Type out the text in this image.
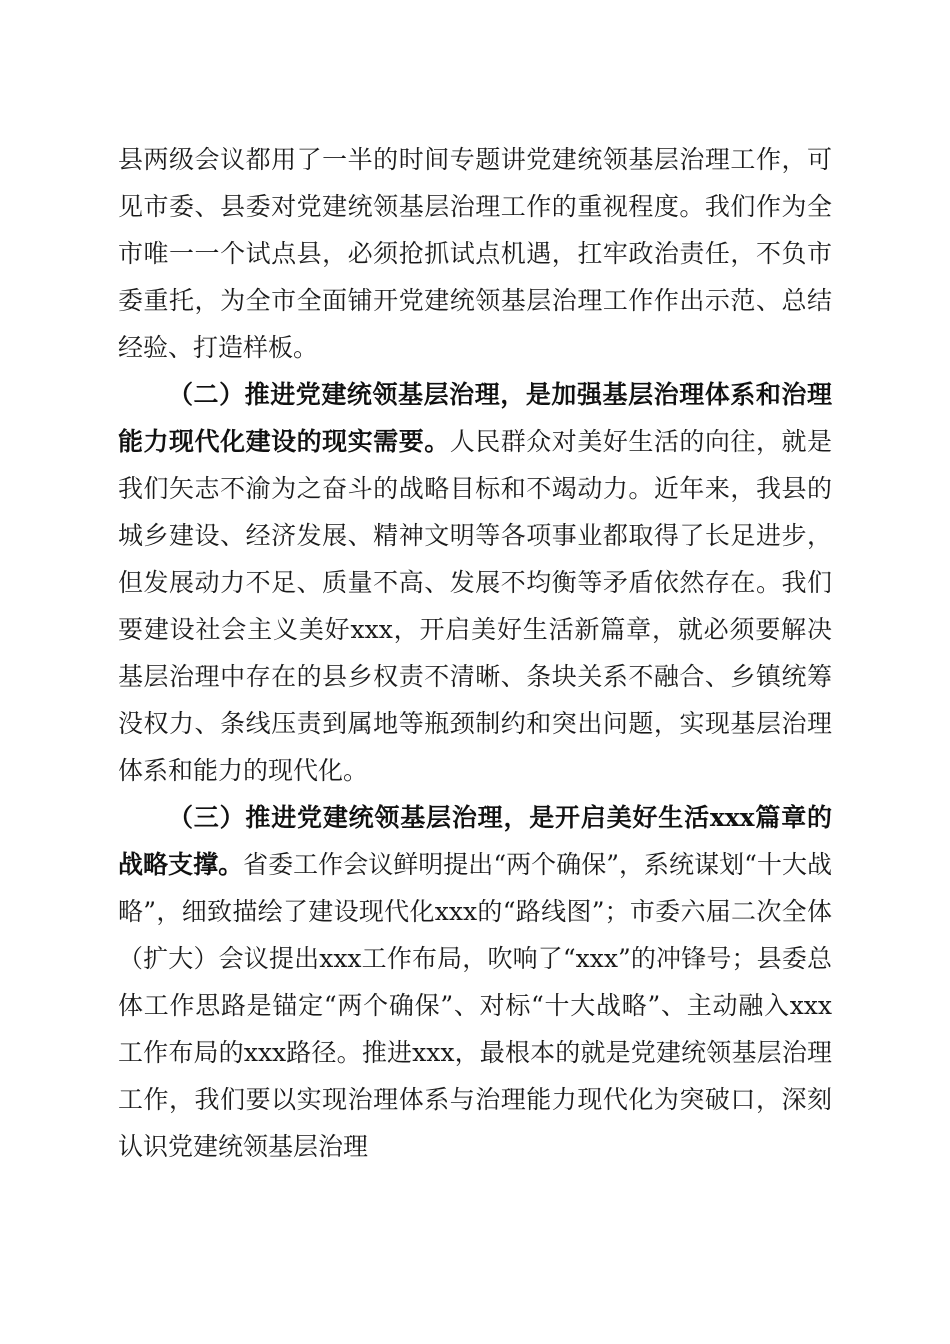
县两级会议都用了一半的时间专题讲党建统领基层治理工作，可见市委、县委对党建统领基层治理工作的重视程度。我们作为全市唯一一个试点县，必须抢抓试点机遇，扛牢政治责任，不负市委重托，为全市全面铺开党建统领基层治理工作作出示范、总结经验、打造样板。

（二）推进党建统领基层治理，是加强基层治理体系和治理能力现代化建设的现实需要。人民群众对美好生活的向往，就是我们矢志不渝为之奋斗的战略目标和不竭动力。近年来，我县的城乡建设、经济发展、精神文明等各项事业都取得了长足进步，但发展动力不足、质量不高、发展不均衡等矛盾依然存在。我们要建设社会主义美好xxx，开启美好生活新篇章，就必须要解决基层治理中存在的县乡权责不清晰、条块关系不融合、乡镇统筹没权力、条线压责到属地等瓶颈制约和突出问题，实现基层治理体系和能力的现代化。

（三）推进党建统领基层治理，是开启美好生活xxx篇章的战略支撑。省委工作会议鲜明提出“两个确保”，系统谋划“十大战略”，细致描绘了建设现代化xxx的“路线图”；市委六届二次全体（扩大）会议提出xxx工作布局，吹响了“xxx”的冲锋号；县委总体工作思路是锚定“两个确保”、对标“十大战略”、主动融入xxx工作布局的xxx路径。推进xxx，最根本的就是党建统领基层治理工作，我们要以实现治理体系与治理能力现代化为突破口，深刻认识党建统领基层治理
